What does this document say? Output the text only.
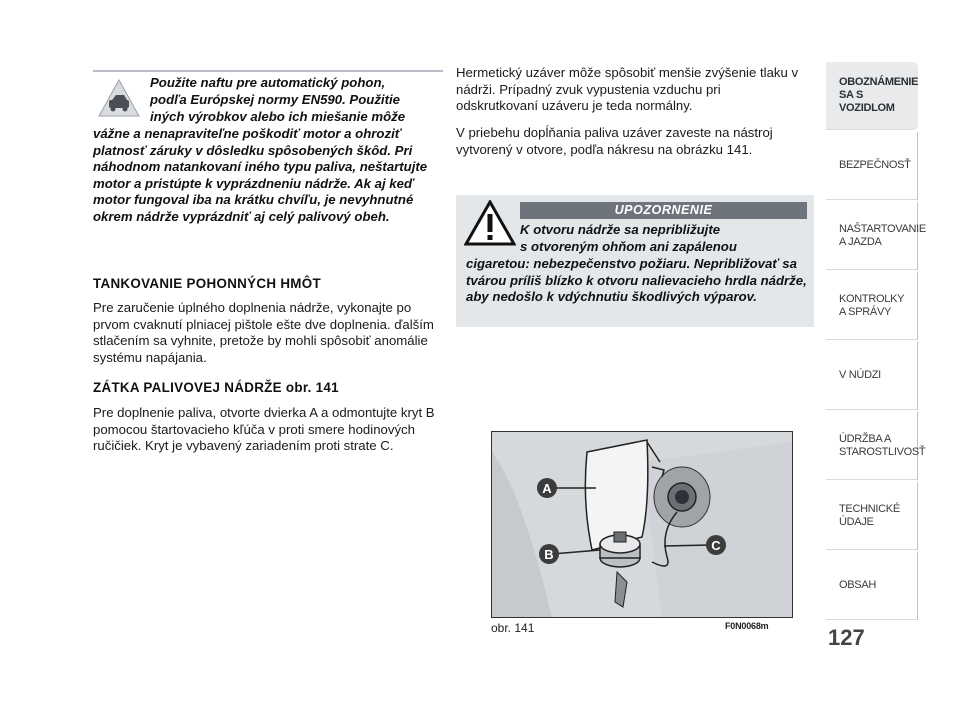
Použite naftu pre automatický pohon,
podľa Európskej normy EN590. Použitie
iných výrobkov alebo ich miešanie môže
vážne a nenapraviteľne poškodiť motor a ohroziť platnosť záruky v dôsledku spôsobených škôd. Pri náhodnom natankovaní iného typu paliva, neštartujte motor a pristúpte k vyprázdneniu nádrže. Ak aj keď motor fungoval iba na krátku chvíľu, je nevyhnutné okrem nádrže vyprázdniť aj celý palivový obeh.
TANKOVANIE POHONNÝCH HMÔT
Pre zaručenie úplného doplnenia nádrže, vykonajte po prvom cvaknutí plniacej pištole ešte dve doplnenia. ďalším stlačením sa vyhnite, pretože by mohli spôsobiť anomálie systému napájania.
ZÁTKA PALIVOVEJ NÁDRŽE obr. 141
Pre doplnenie paliva, otvorte dvierka A a odmontujte kryt B pomocou štartovacieho kľúča v proti smere hodinových ručičiek. Kryt je vybavený zariadením proti strate C.
Hermetický uzáver môže spôsobiť menšie zvýšenie tlaku v nádrži. Prípadný zvuk vypustenia vzduchu pri odskrutkovaní uzáveru je teda normálny.
V priebehu dopĺňania paliva uzáver zaveste na nástroj vytvorený v otvore, podľa nákresu na obrázku 141.
UPOZORNENIE
K otvoru nádrže sa nepribližujte
s otvoreným ohňom ani zapálenou
cigaretou: nebezpečenstvo požiaru. Nepribližovať sa tvárou príliš blízko k otvoru nalievacieho hrdla nádrže, aby nedošlo k vdýchnutiu škodlivých výparov.
A
B
C
obr. 141	F0N0068m	127
OBOZNÁMENIE
SA S VOZIDLOM
BEZPEČNOSŤ
NAŠTARTOVANIE
A JAZDA
KONTROLKY
A SPRÁVY
V NÚDZI
ÚDRŽBA A
STAROSTLIVOSŤ
TECHNICKÉ
ÚDAJE
OBSAH
